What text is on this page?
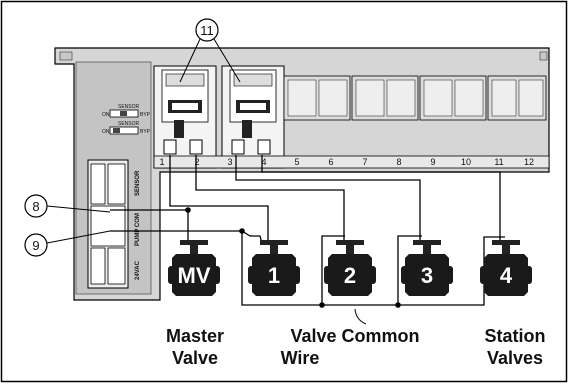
SENSOR
ON	BYP
SENSOR
ON	BYP
SENSOR
PUMP COM
24VAC
1	2	3	4	5	6	7	8	9	10	11 12
MV	1	2	3	4
11
8
9
Master
Valve
Valve Common
Wire
Station
Valves
